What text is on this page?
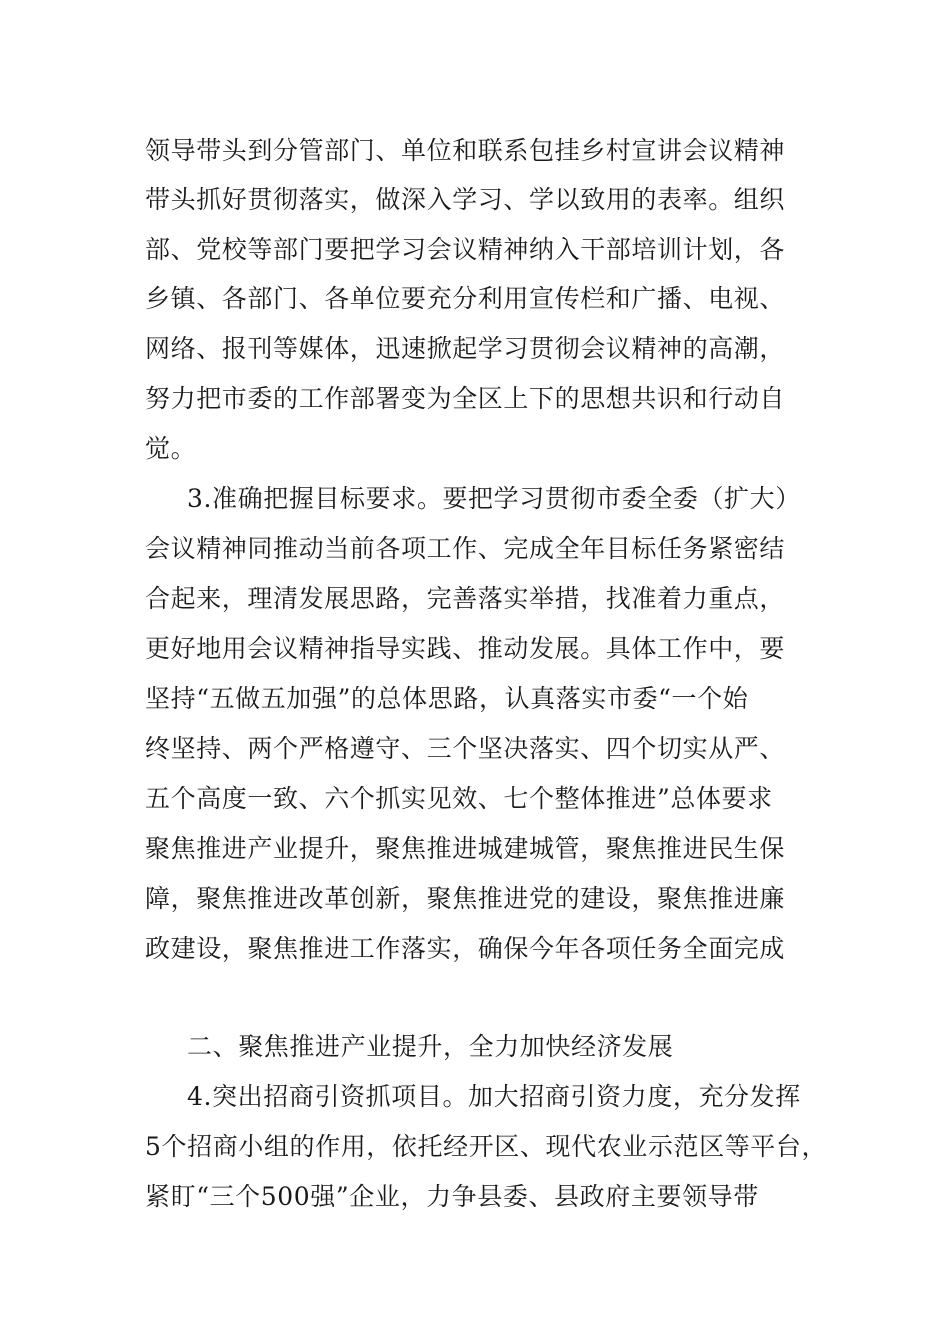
领导带头到分管部门、单位和联系包挂乡村宣讲会议精神
带头抓好贯彻落实，做深入学习、学以致用的表率。组织
部、党校等部门要把学习会议精神纳入干部培训计划，各
乡镇、各部门、各单位要充分利用宣传栏和广播、电视、
网络、报刊等媒体，迅速掀起学习贯彻会议精神的高潮，
努力把市委的工作部署变为全区上下的思想共识和行动自
觉。
3.准确把握目标要求。要把学习贯彻市委全委（扩大）
会议精神同推动当前各项工作、完成全年目标任务紧密结
合起来，理清发展思路，完善落实举措，找准着力重点，
更好地用会议精神指导实践、推动发展。具体工作中，要
坚持“五做五加强”的总体思路，认真落实市委“一个始
终坚持、两个严格遵守、三个坚决落实、四个切实从严、
五个高度一致、六个抓实见效、七个整体推进”总体要求
聚焦推进产业提升，聚焦推进城建城管，聚焦推进民生保
障，聚焦推进改革创新，聚焦推进党的建设，聚焦推进廉
政建设，聚焦推进工作落实，确保今年各项任务全面完成
二、聚焦推进产业提升，全力加快经济发展
4.突出招商引资抓项目。加大招商引资力度，充分发挥
5个招商小组的作用，依托经开区、现代农业示范区等平台，
紧盯“三个500强”企业，力争县委、县政府主要领导带
